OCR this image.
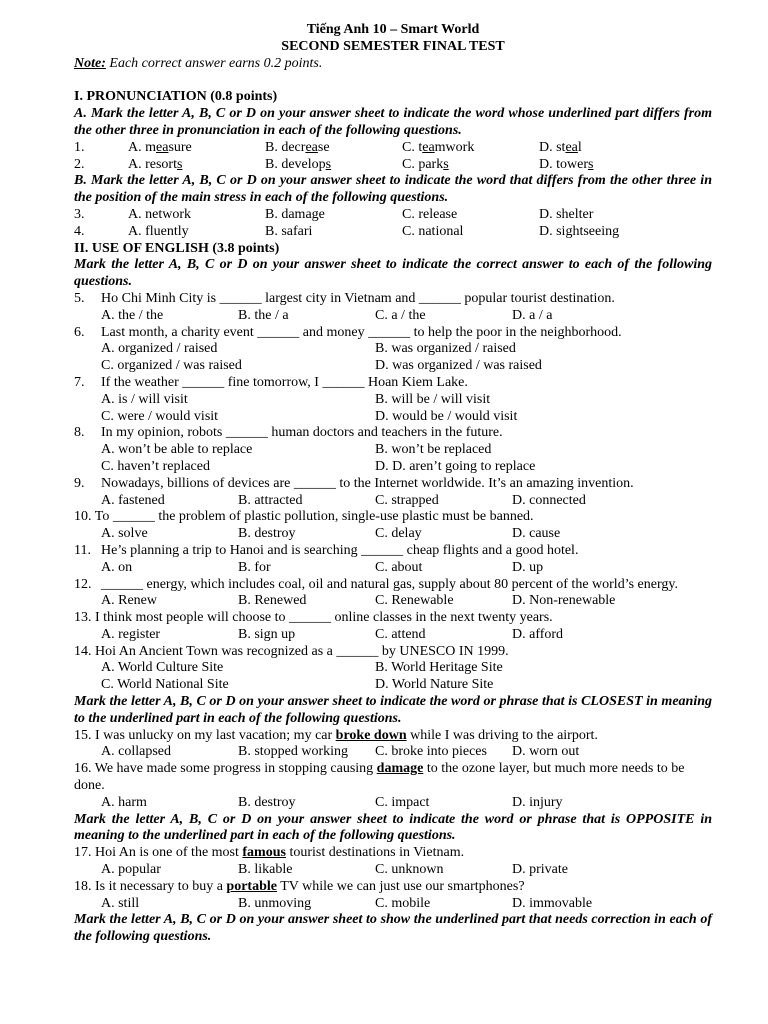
Tiếng Anh 10 – Smart World
SECOND SEMESTER FINAL TEST
Note: Each correct answer earns 0.2 points.
I. PRONUNCIATION (0.8 points)
A. Mark the letter A, B, C or D on your answer sheet to indicate the word whose underlined part differs from the other three in pronunciation in each of the following questions.
1.	A. measure	B. decrease	C. teamwork	D. steal
2.	A. resorts	B. develops	C. parks	D. towers
B. Mark the letter A, B, C or D on your answer sheet to indicate the word that differs from the other three in the position of the main stress in each of the following questions.
3.	A. network	B. damage	C. release	D. shelter
4.	A. fluently	B. safari	C. national	D. sightseeing
II. USE OF ENGLISH (3.8 points)
Mark the letter A, B, C or D on your answer sheet to indicate the correct answer to each of the following questions.
5. Ho Chi Minh City is ______ largest city in Vietnam and ______ popular tourist destination.
A. the / the	B. the / a	C. a / the	D. a / a
6. Last month, a charity event ______ and money ______ to help the poor in the neighborhood.
A. organized / raised	B. was organized / raised
C. organized / was raised	D. was organized / was raised
7. If the weather ______ fine tomorrow, I ______ Hoan Kiem Lake.
A. is / will visit	B. will be / will visit
C. were / would visit	D. would be / would visit
8. In my opinion, robots ______ human doctors and teachers in the future.
A. won’t be able to replace	B. won’t be replaced
C. haven’t replaced	D. D. aren’t going to replace
9. Nowadays, billions of devices are ______ to the Internet worldwide. It’s an amazing invention.
A. fastened	B. attracted	C. strapped	D. connected
10. To ______ the problem of plastic pollution, single-use plastic must be banned.
A. solve	B. destroy	C. delay	D. cause
11. He’s planning a trip to Hanoi and is searching ______ cheap flights and a good hotel.
A. on	B. for	C. about	D. up
12. ______ energy, which includes coal, oil and natural gas, supply about 80 percent of the world’s energy.
A. Renew	B. Renewed	C. Renewable	D. Non-renewable
13. I think most people will choose to ______ online classes in the next twenty years.
A. register	B. sign up	C. attend	D. afford
14. Hoi An Ancient Town was recognized as a ______ by UNESCO IN 1999.
A. World Culture Site	B. World Heritage Site
C. World National Site	D. World Nature Site
Mark the letter A, B, C or D on your answer sheet to indicate the word or phrase that is CLOSEST in meaning to the underlined part in each of the following questions.
15. I was unlucky on my last vacation; my car broke down while I was driving to the airport.
A. collapsed	B. stopped working C. broke into pieces D. worn out
16. We have made some progress in stopping causing damage to the ozone layer, but much more needs to be done.
A. harm	B. destroy	C. impact	D. injury
Mark the letter A, B, C or D on your answer sheet to indicate the word or phrase that is OPPOSITE in meaning to the underlined part in each of the following questions.
17. Hoi An is one of the most famous tourist destinations in Vietnam.
A. popular	B. likable	C. unknown	D. private
18. Is it necessary to buy a portable TV while we can just use our smartphones?
A. still	B. unmoving	C. mobile	D. immovable
Mark the letter A, B, C or D on your answer sheet to show the underlined part that needs correction in each of the following questions.
